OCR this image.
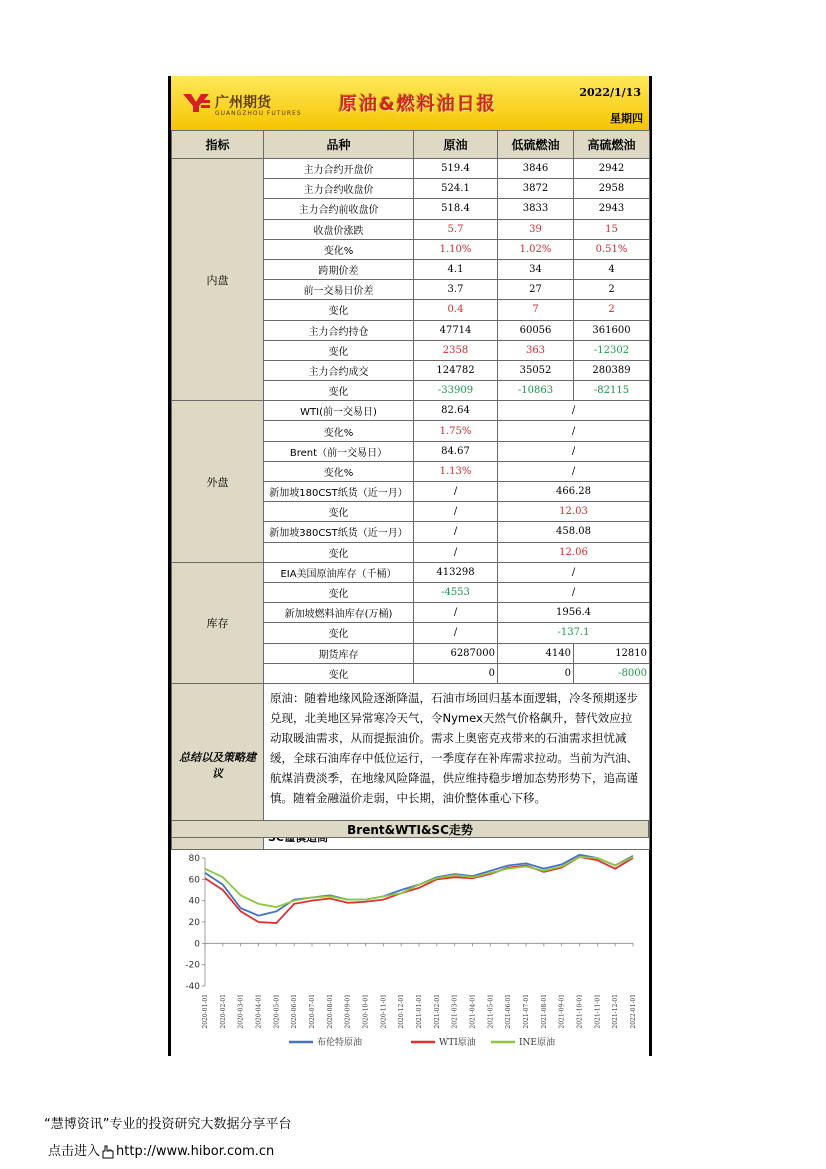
广州期货
GUANGZHOU FUTURES 原油&燃料油日报
2022/1/13
星期四
指标	品种	原油	低硫燃油	高硫燃油
内盘	主力合约开盘价	519.4	3846	2942
	主力合约收盘价	524.1	3872	2958
	主力合约前收盘价	518.4	3833	2943
	收盘价涨跌	5.7	39	15
	变化%	1.10%	1.02%	0.51%
	跨期价差	4.1	34	4
	前一交易日价差	3.7	27	2
	变化	0.4	7	2
	主力合约持仓	47714	60056	361600
	变化	2358	363	-12302
	主力合约成交	124782	35052	280389
	变化	-33909	-10863	-82115
外盘	WTI(前一交易日)	82.64	/	
	变化%	1.75%	/	
	Brent（前一交易日）	84.67	/	
	变化%	1.13%	/	
	新加坡180CST纸货（近一月）	/	466.28	
	变化	/	12.03	
	新加坡380CST纸货（近一月）	/	458.08	
	变化	/	12.06	
库存	EIA美国原油库存（千桶）	413298	/	
	变化	-4553	/	
	新加坡燃料油库存(万桶)	/	1956.4	
	变化	/	-137.1	
	期货库存	6287000	4140	12810
	变化	0	0	-8000
总结以及策略建议	原油：随着地缘风险逐渐降温，石油市场回归基本面逻辑，冷冬预期逐步兑现，北美地区异常寒冷天气，令Nymex天然气价格飙升，替代效应拉动取暖油需求，从而提振油价。需求上奥密克戎带来的石油需求担忧减缓，全球石油库存中低位运行，一季度存在补库需求拉动。当前为汽油、航煤消费淡季，在地缘风险降温，供应维持稳步增加态势形势下，追高谨慎。随着金融溢价走弱，中长期，油价整体重心下移。			

Brent&WTI&SC走势
-40
-20
0
20
40
60
80
2020-01-01 2020-02-01 2020-03-01 2020-04-01 2020-05-01 2020-06-01 2020-07-01 2020-08-01 2020-09-01 2020-10-01 2020-11-01 2020-12-01 2021-01-01 2021-02-01 2021-03-01 2021-04-01 2021-05-01 2021-06-01 2021-07-01 2021-08-01 2021-09-01 2021-10-01 2021-11-01 2021-12-01 2022-01-01
布伦特原油	WTI原油	INE原油
“慧博资讯”专业的投资研究大数据分享平台
点击进入 http://www.hibor.com.cn
